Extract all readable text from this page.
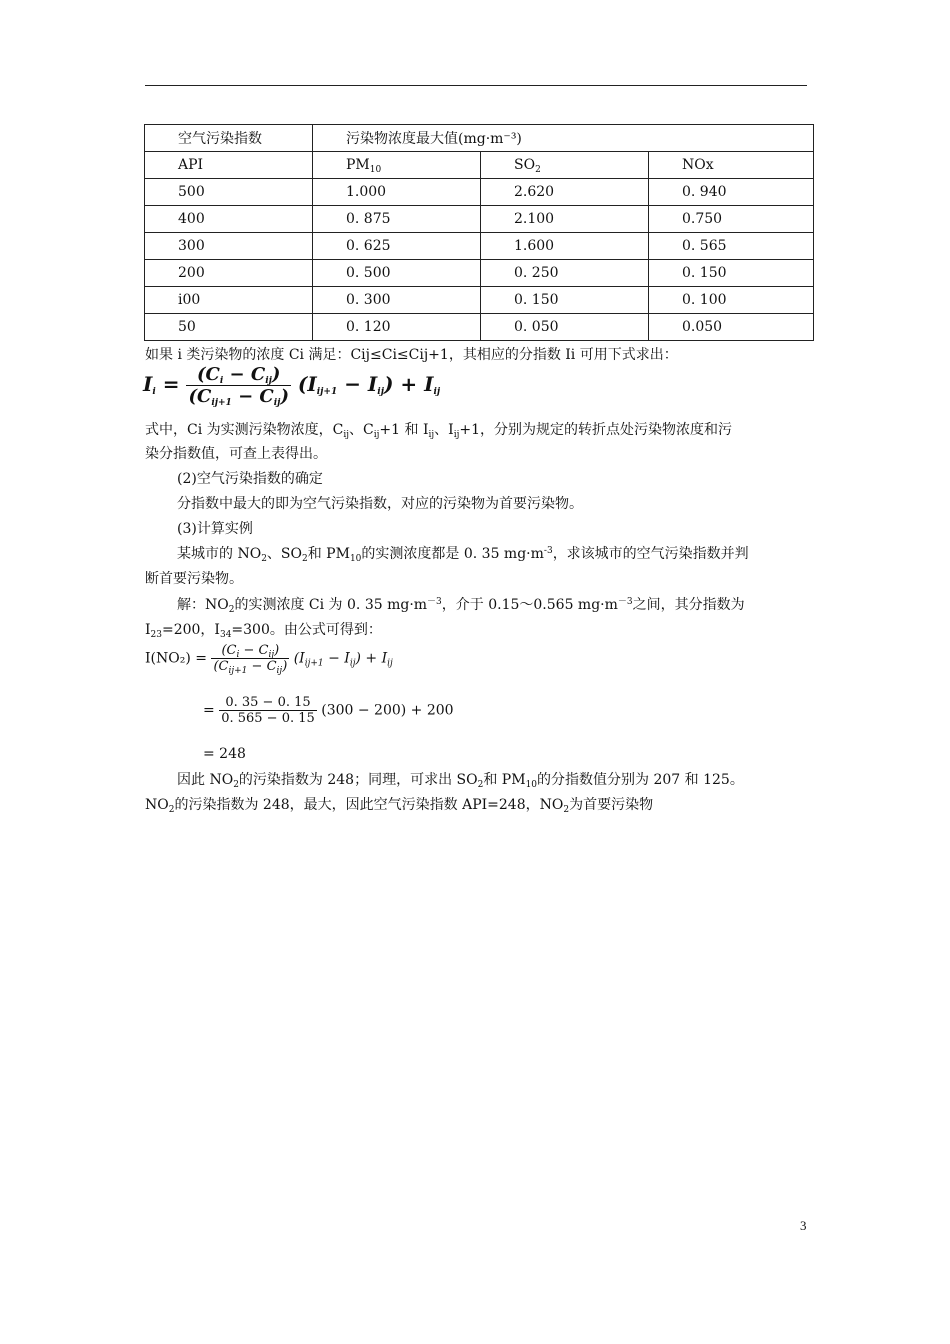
空气污染指数	污染物浓度最大值(mg·m⁻³)		
API	$PM_{10}$	$SO_2$	NOx
500	1.000	2.620	0. 940
400	0. 875	2.100	0.750
300	0. 625	1.600	0. 565
200	0. 500	0. 250	0. 150
i00	0. 300	0. 150	0. 100
50	0. 120	0. 050	0.050
如果 i 类污染物的浓度 Ci 满足：Cij≤Ci≤Cij+1，其相应的分指数 Ii 可用下式求出：
$I_i = \frac{(C_i - C_{ij})}{(C_{ij+1} - C_{ij})} (I_{ij+1} - I_{ij}) + I_{ij}$
式中，Ci 为实测污染物浓度，$C_{ij}$、$C_{ij}+1$ 和 $I_{ij}$、$I_{ij}+1$，分别为规定的转折点处污染物浓度和污
染分指数值，可查上表得出。
(2)空气污染指数的确定
分指数中最大的即为空气污染指数，对应的污染物为首要污染物。
(3)计算实例
某城市的 $NO_2$、$SO_2$和 $PM_{10}$的实测浓度都是 0. 35 $mg\cdot m^{-3}$，求该城市的空气污染指数并判
断首要污染物。
解：$NO_2$的实测浓度 Ci 为 0. 35 $mg\cdot m^{-3}$，介于 0.15～0.565 $mg\cdot m^{-3}$之间，其分指数为
$I_{23}=200$，$I_{34}=300$。由公式可得到：
$I(NO_2) = \frac{(C_i - C_{ij})}{(C_{ij+1} - C_{ij})} (I_{ij+1} - I_{ij}) + I_{ij}$
= $\frac{0. 35 - 0. 15}{0. 565 - 0. 15} (300 - 200) + 200$
= 248
因此 $NO_2$的污染指数为 248；同理，可求出 $SO_2$和 $PM_{10}$的分指数值分别为 207 和 125。
$NO_2$的污染指数为 248，最大，因此空气污染指数 API=248，$NO_2$为首要污染物
3
